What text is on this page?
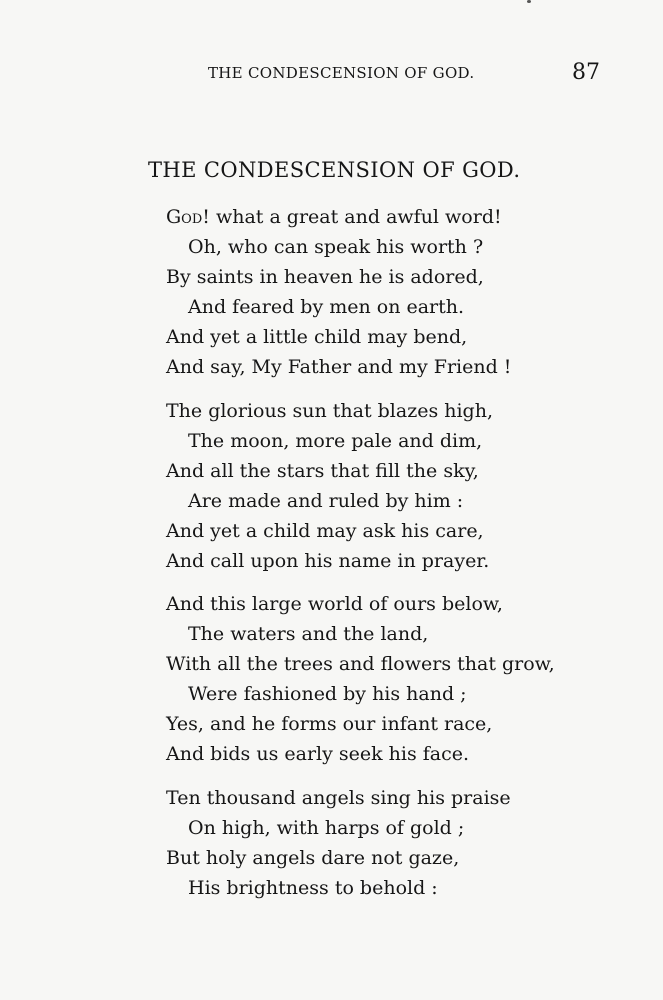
THE CONDESCENSION OF GOD.	87
THE CONDESCENSION OF GOD.
God! what a great and awful word!
Oh, who can speak his worth ?
By saints in heaven he is adored,
And feared by men on earth.
And yet a little child may bend,
And say, My Father and my Friend !
The glorious sun that blazes high,
The moon, more pale and dim,
And all the stars that fill the sky,
Are made and ruled by him :
And yet a child may ask his care,
And call upon his name in prayer.
And this large world of ours below,
The waters and the land,
With all the trees and flowers that grow,
Were fashioned by his hand ;
Yes, and he forms our infant race,
And bids us early seek his face.
Ten thousand angels sing his praise
On high, with harps of gold ;
But holy angels dare not gaze,
His brightness to behold :
